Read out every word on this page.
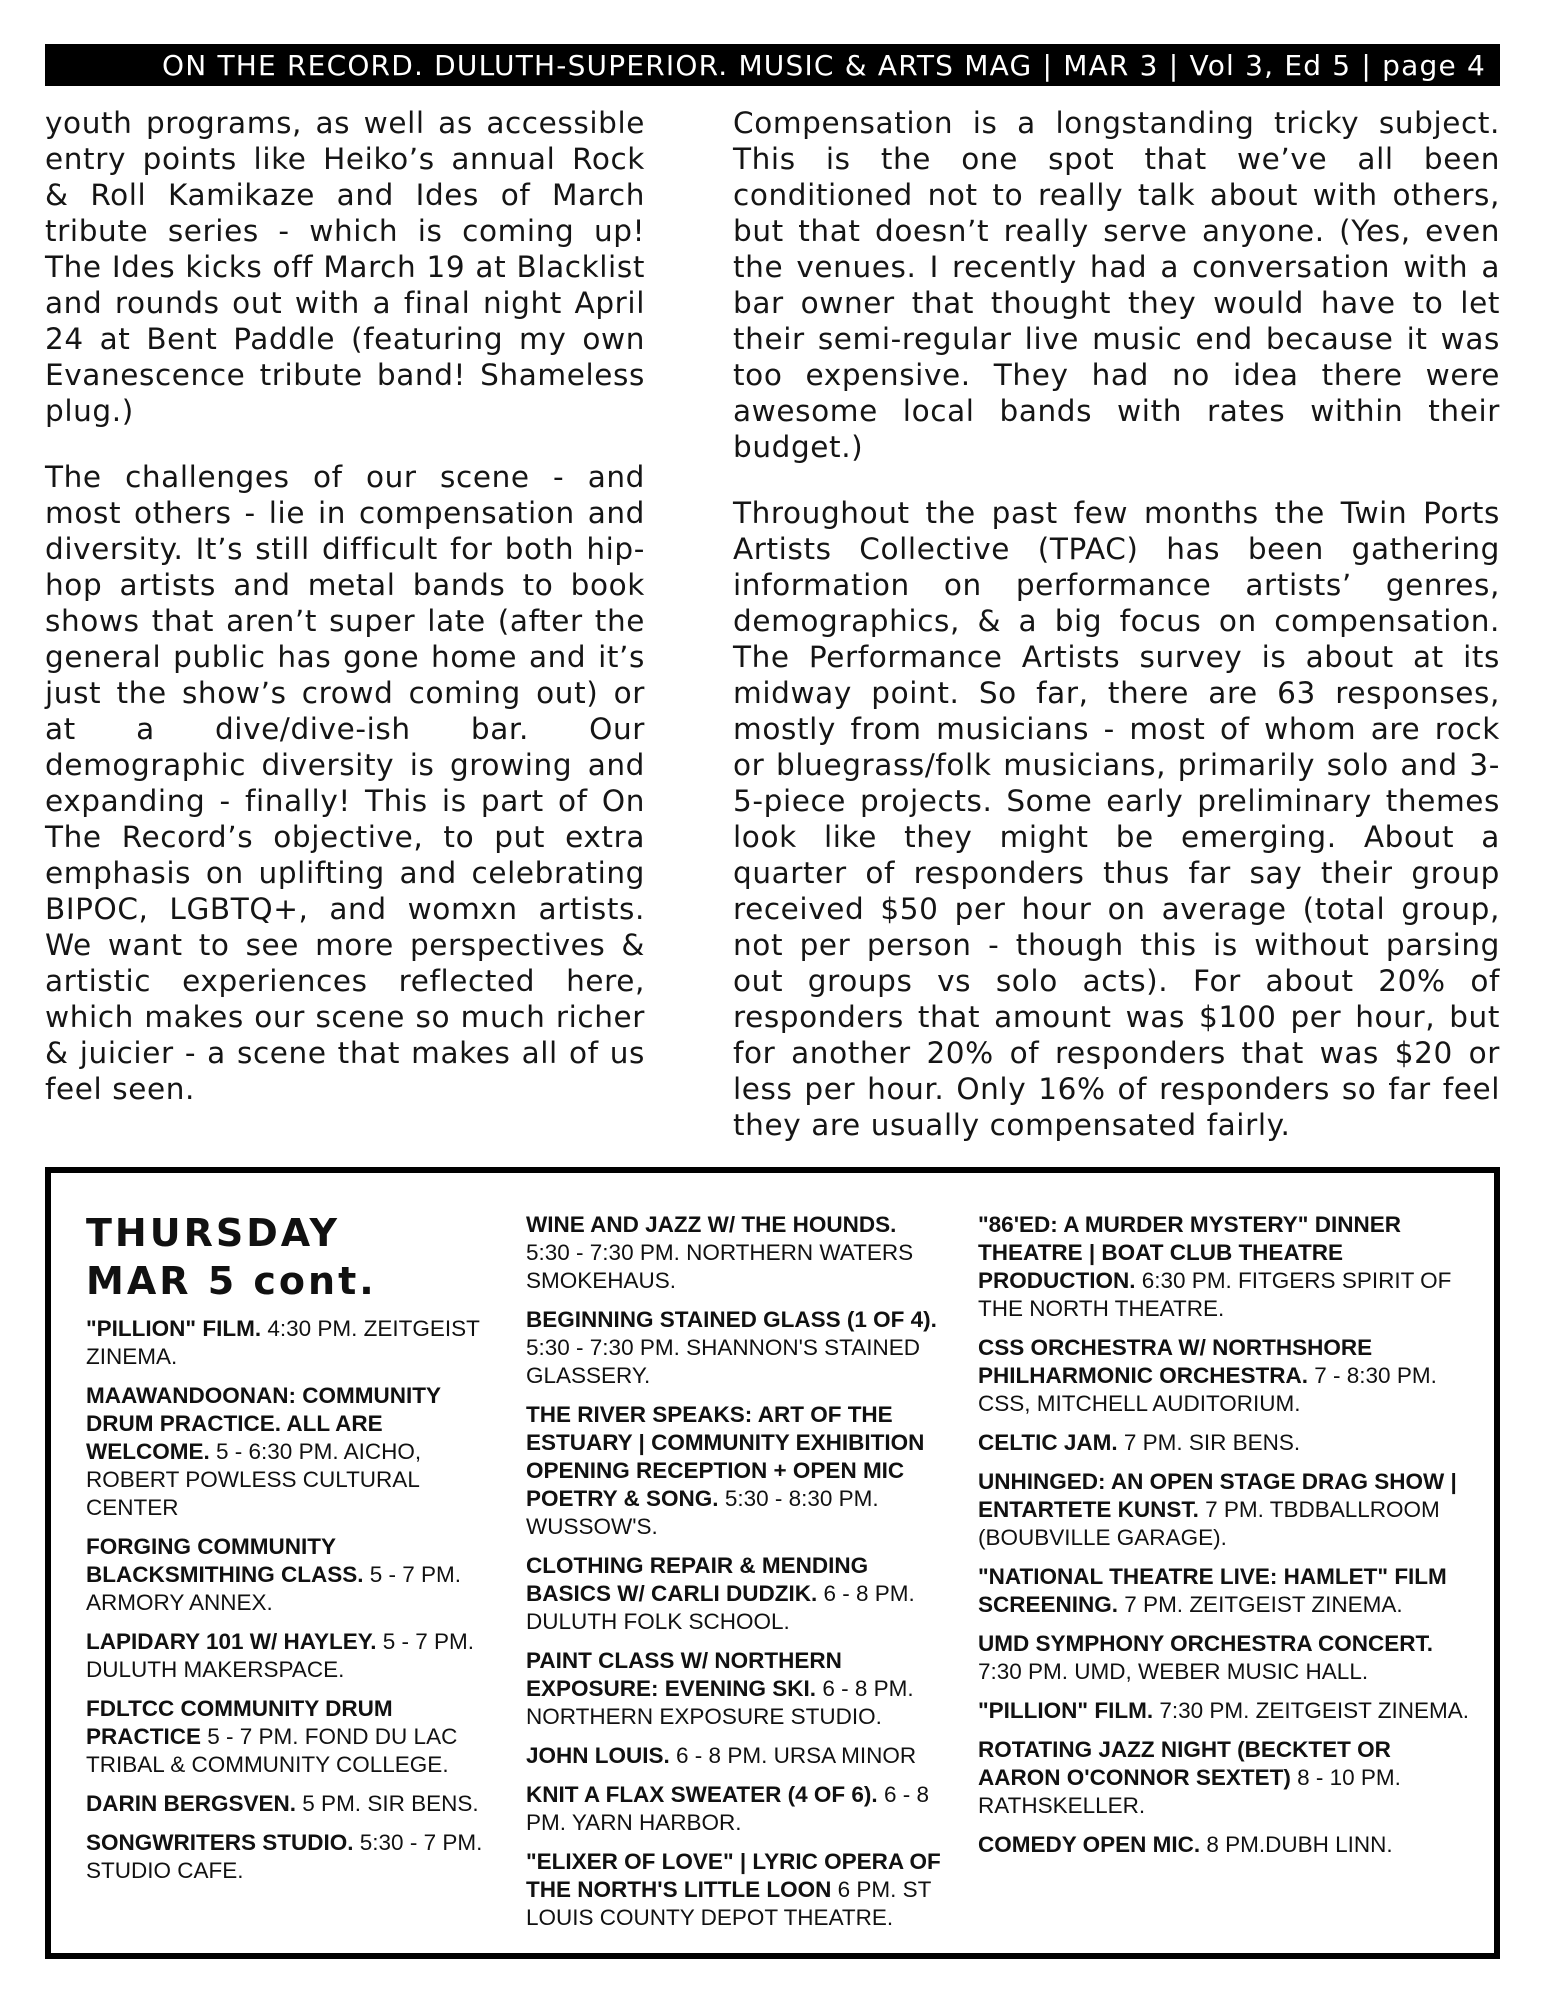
ON THE RECORD. DULUTH-SUPERIOR. MUSIC & ARTS MAG | MAR 3 | Vol 3, Ed 5 | page 4

youth programs, as well as accessible entry points like Heiko’s annual Rock & Roll Kamikaze and Ides of March tribute series - which is coming up! The Ides kicks off March 19 at Blacklist and rounds out with a final night April 24 at Bent Paddle (featuring my own Evanescence tribute band! Shameless plug.)

The challenges of our scene - and most others - lie in compensation and diversity. It’s still difficult for both hip-hop artists and metal bands to book shows that aren’t super late (after the general public has gone home and it’s just the show’s crowd coming out) or at a dive/dive-ish bar. Our demographic diversity is growing and expanding - finally! This is part of On The Record’s objective, to put extra emphasis on uplifting and celebrating BIPOC, LGBTQ+, and womxn artists. We want to see more perspectives & artistic experiences reflected here, which makes our scene so much richer & juicier - a scene that makes all of us feel seen.

Compensation is a longstanding tricky subject. This is the one spot that we’ve all been conditioned not to really talk about with others, but that doesn’t really serve anyone. (Yes, even the venues. I recently had a conversation with a bar owner that thought they would have to let their semi-regular live music end because it was too expensive. They had no idea there were awesome local bands with rates within their budget.)

Throughout the past few months the Twin Ports Artists Collective (TPAC) has been gathering information on performance artists’ genres, demographics, & a big focus on compensation. The Performance Artists survey is about at its midway point. So far, there are 63 responses, mostly from musicians - most of whom are rock or bluegrass/folk musicians, primarily solo and 3-5-piece projects. Some early preliminary themes look like they might be emerging. About a quarter of responders thus far say their group received $50 per hour on average (total group, not per person - though this is without parsing out groups vs solo acts). For about 20% of responders that amount was $100 per hour, but for another 20% of responders that was $20 or less per hour. Only 16% of responders so far feel they are usually compensated fairly.

THURSDAY
MAR 5 cont.
"PILLION" FILM. 4:30 PM. ZEITGEIST ZINEMA.
MAAWANDOONAN: COMMUNITY DRUM PRACTICE. ALL ARE WELCOME. 5 - 6:30 PM. AICHO, ROBERT POWLESS CULTURAL CENTER
FORGING COMMUNITY BLACKSMITHING CLASS. 5 - 7 PM. ARMORY ANNEX.
LAPIDARY 101 W/ HAYLEY. 5 - 7 PM. DULUTH MAKERSPACE.
FDLTCC COMMUNITY DRUM PRACTICE 5 - 7 PM. FOND DU LAC TRIBAL & COMMUNITY COLLEGE.
DARIN BERGSVEN. 5 PM. SIR BENS.
SONGWRITERS STUDIO. 5:30 - 7 PM. STUDIO CAFE.
WINE AND JAZZ W/ THE HOUNDS. 5:30 - 7:30 PM. NORTHERN WATERS SMOKEHAUS.
BEGINNING STAINED GLASS (1 OF 4). 5:30 - 7:30 PM. SHANNON'S STAINED GLASSERY.
THE RIVER SPEAKS: ART OF THE ESTUARY | COMMUNITY EXHIBITION OPENING RECEPTION + OPEN MIC POETRY & SONG. 5:30 - 8:30 PM. WUSSOW'S.
CLOTHING REPAIR & MENDING BASICS W/ CARLI DUDZIK. 6 - 8 PM. DULUTH FOLK SCHOOL.
PAINT CLASS W/ NORTHERN EXPOSURE: EVENING SKI. 6 - 8 PM. NORTHERN EXPOSURE STUDIO.
JOHN LOUIS. 6 - 8 PM. URSA MINOR
KNIT A FLAX SWEATER (4 OF 6). 6 - 8 PM. YARN HARBOR.
"ELIXER OF LOVE" | LYRIC OPERA OF THE NORTH'S LITTLE LOON 6 PM. ST LOUIS COUNTY DEPOT THEATRE.
"86'ED: A MURDER MYSTERY" DINNER THEATRE | BOAT CLUB THEATRE PRODUCTION. 6:30 PM. FITGERS SPIRIT OF THE NORTH THEATRE.
CSS ORCHESTRA W/ NORTHSHORE PHILHARMONIC ORCHESTRA. 7 - 8:30 PM. CSS, MITCHELL AUDITORIUM.
CELTIC JAM. 7 PM. SIR BENS.
UNHINGED: AN OPEN STAGE DRAG SHOW | ENTARTETE KUNST. 7 PM. TBDBALLROOM (BOUBVILLE GARAGE).
"NATIONAL THEATRE LIVE: HAMLET" FILM SCREENING. 7 PM. ZEITGEIST ZINEMA.
UMD SYMPHONY ORCHESTRA CONCERT. 7:30 PM. UMD, WEBER MUSIC HALL.
"PILLION" FILM. 7:30 PM. ZEITGEIST ZINEMA.
ROTATING JAZZ NIGHT (BECKTET OR AARON O'CONNOR SEXTET) 8 - 10 PM. RATHSKELLER.
COMEDY OPEN MIC. 8 PM.DUBH LINN.
